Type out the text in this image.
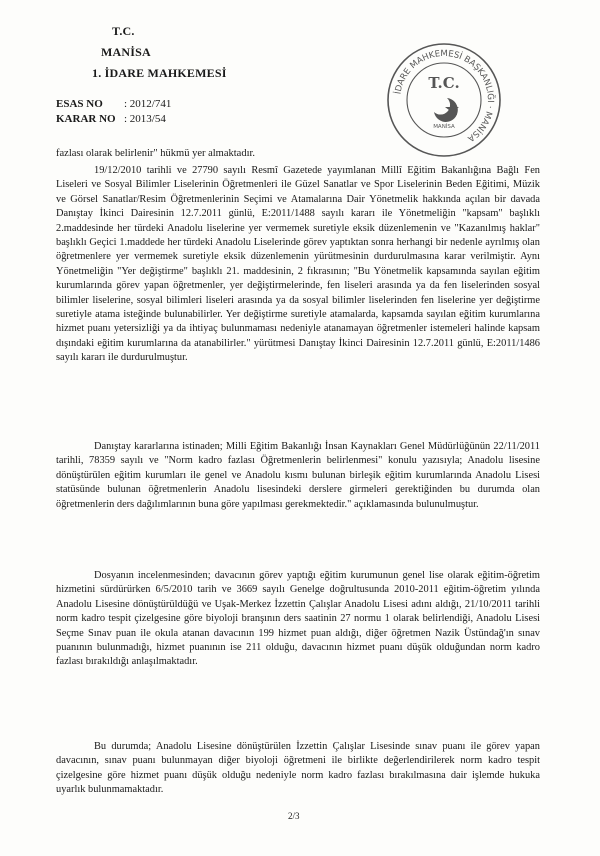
T.C.
MANİSA
1. İDARE MAHKEMESİ
ESAS NO : 2012/741
KARAR NO : 2013/54
İDARE MAHKEMESİ BAŞKANLIĞI · MANİSA
T.C.
MANİSA
fazlası olarak belirlenir" hükmü yer almaktadır.

19/12/2010 tarihli ve 27790 sayılı Resmî Gazetede yayımlanan Millî Eğitim Bakanlığına Bağlı Fen Liseleri ve Sosyal Bilimler Liselerinin Öğretmenleri ile Güzel Sanatlar ve Spor Liselerinin Beden Eğitimi, Müzik ve Görsel Sanatlar/Resim Öğretmenlerinin Seçimi ve Atamalarına Dair Yönetmelik hakkında açılan bir davada Danıştay İkinci Dairesinin 12.7.2011 günlü, E:2011/1488 sayılı kararı ile Yönetmeliğin "kapsam" başlıklı 2.maddesinde her türdeki Anadolu liselerine yer vermemek suretiyle eksik düzenlemenin ve "Kazanılmış haklar" başlıklı Geçici 1.maddede her türdeki Anadolu Liselerinde görev yaptıktan sonra herhangi bir nedenle ayrılmış olan öğretmenlere yer vermemek suretiyle eksik düzenlemenin yürütmesinin durdurulmasına karar verilmiştir. Aynı Yönetmeliğin "Yer değiştirme" başlıklı 21. maddesinin, 2 fıkrasının; "Bu Yönetmelik kapsamında sayılan eğitim kurumlarında görev yapan öğretmenler, yer değiştirmelerinde, fen liseleri arasında ya da fen liselerinden sosyal bilimler liselerine, sosyal bilimleri liseleri arasında ya da sosyal bilimler liselerinden fen liselerine yer değiştirme suretiyle atama isteğinde bulunabilirler. Yer değiştirme suretiyle atamalarda, kapsamda sayılan eğitim kurumlarına hizmet puanı yetersizliği ya da ihtiyaç bulunmaması nedeniyle atanamayan öğretmenler istemeleri halinde kapsam dışındaki eğitim kurumlarına da atanabilirler." yürütmesi Danıştay İkinci Dairesinin 12.7.2011 günlü, E:2011/1486 sayılı kararı ile durdurulmuştur.

Danıştay kararlarına istinaden; Milli Eğitim Bakanlığı İnsan Kaynakları Genel Müdürlüğünün 22/11/2011 tarihli, 78359 sayılı ve "Norm kadro fazlası Öğretmenlerin belirlenmesi" konulu yazısıyla; Anadolu lisesine dönüştürülen eğitim kurumları ile genel ve Anadolu kısmı bulunan birleşik eğitim kurumlarında Anadolu Lisesi statüsünde bulunan öğretmenlerin Anadolu lisesindeki derslere girmeleri gerektiğinden bu durumda olan öğretmenlerin ders dağılımlarının buna göre yapılması gerekmektedir." açıklamasında bulunulmuştur.

Dosyanın incelenmesinden; davacının görev yaptığı eğitim kurumunun genel lise olarak eğitim-öğretim hizmetini sürdürürken 6/5/2010 tarih ve 3669 sayılı Genelge doğrultusunda 2010-2011 eğitim-öğretim yılında Anadolu Lisesine dönüştürüldüğü ve Uşak-Merkez İzzettin Çalışlar Anadolu Lisesi adını aldığı, 21/10/2011 tarihli norm kadro tespit çizelgesine göre biyoloji branşının ders saatinin 27 normu 1 olarak belirlendiği, Anadolu Lisesi Seçme Sınav puan ile okula atanan davacının 199 hizmet puan aldığı, diğer öğretmen Nazik Üstündağ'ın sınav puanının bulunmadığı, hizmet puanının ise 211 olduğu, davacının hizmet puanı düşük olduğundan norm kadro fazlası bırakıldığı anlaşılmaktadır.

Bu durumda; Anadolu Lisesine dönüştürülen İzzettin Çalışlar Lisesinde sınav puanı ile görev yapan davacının, sınav puanı bulunmayan diğer biyoloji öğretmeni ile birlikte değerlendirilerek norm kadro tespit çizelgesine göre hizmet puanı düşük olduğu nedeniyle norm kadro fazlası bırakılmasına dair işlemde hukuka uyarlık bulunmamaktadır.

2/3
